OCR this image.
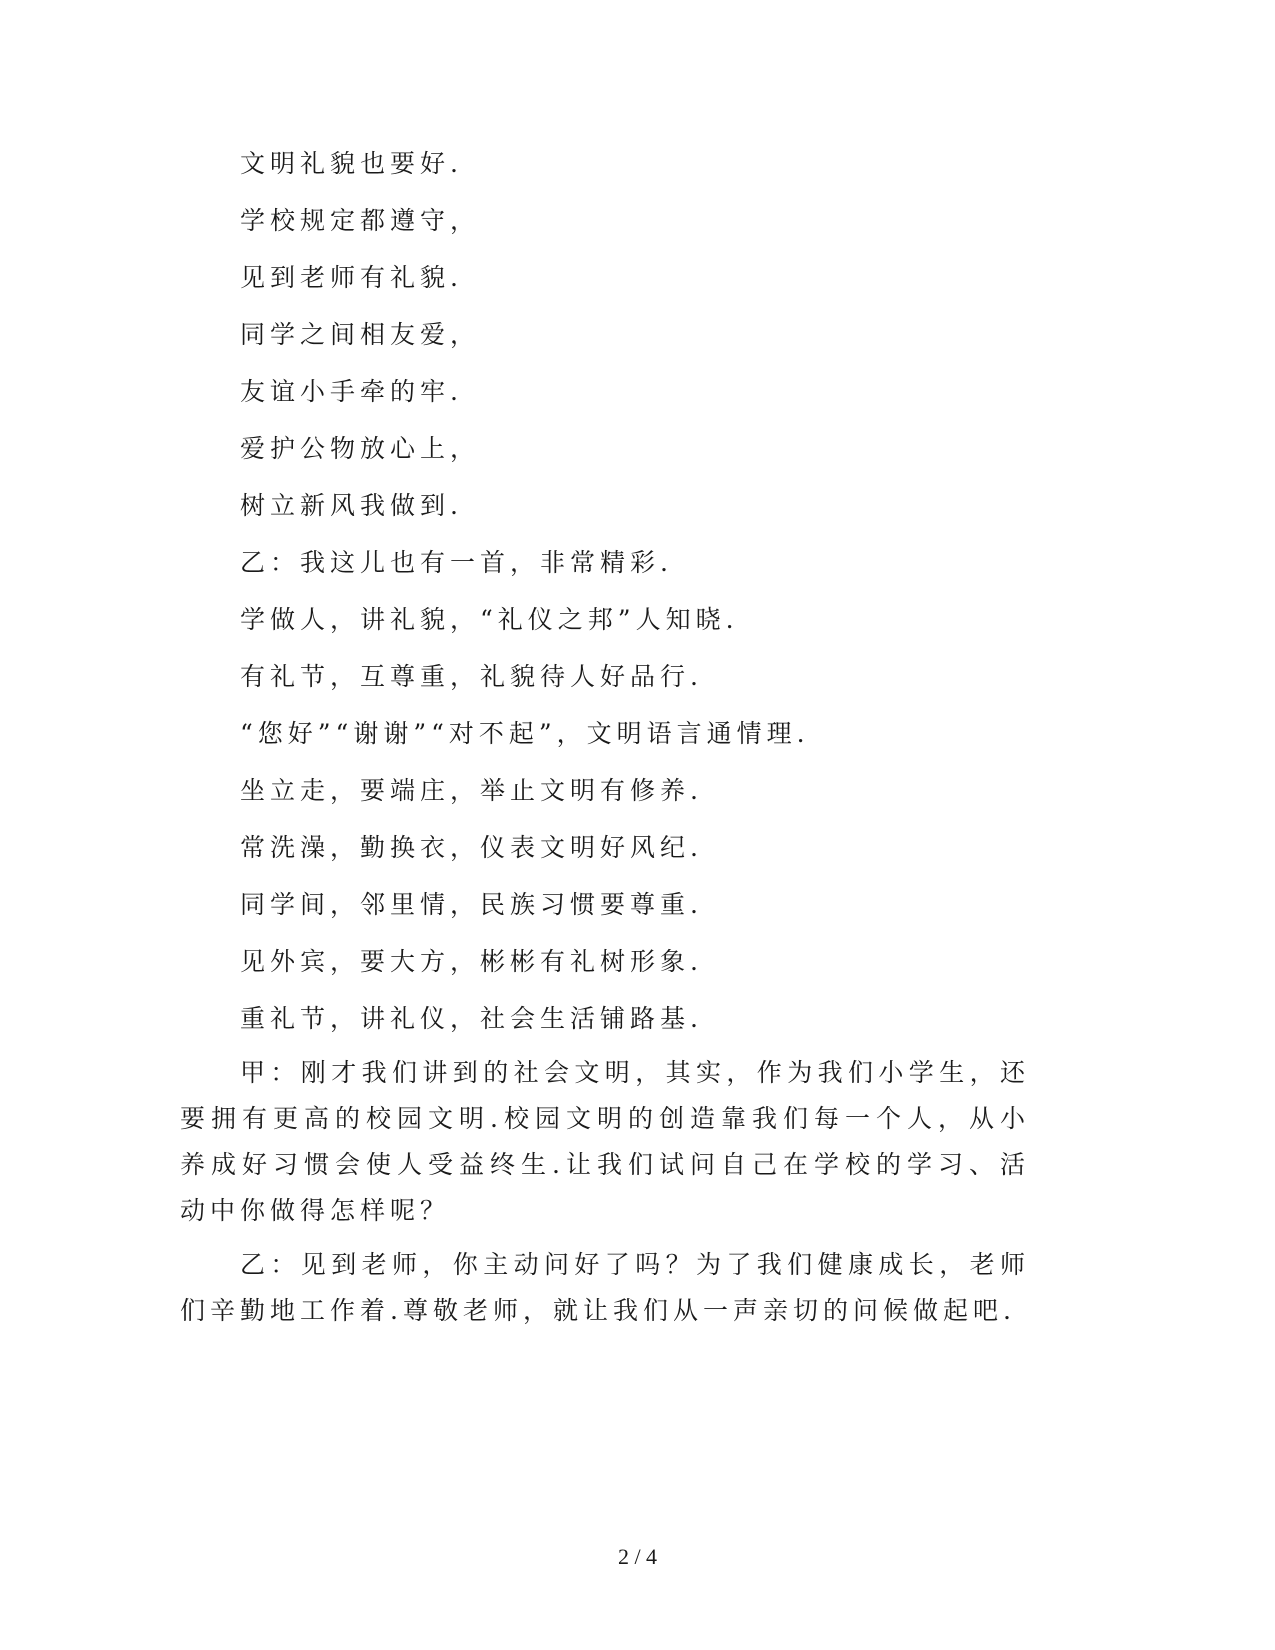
文明礼貌也要好.
学校规定都遵守，
见到老师有礼貌.
同学之间相友爱，
友谊小手牵的牢.
爱护公物放心上，
树立新风我做到.
乙：我这儿也有一首，非常精彩.
学做人，讲礼貌，“礼仪之邦”人知晓.
有礼节，互尊重，礼貌待人好品行.
“您好”“谢谢”“对不起”，文明语言通情理.
坐立走，要端庄，举止文明有修养.
常洗澡，勤换衣，仪表文明好风纪.
同学间，邻里情，民族习惯要尊重.
见外宾，要大方，彬彬有礼树形象.
重礼节，讲礼仪，社会生活铺路基.
甲：刚才我们讲到的社会文明，其实，作为我们小学生，还要拥有更高的校园文明.校园文明的创造靠我们每一个人，从小养成好习惯会使人受益终生.让我们试问自己在学校的学习、活动中你做得怎样呢？
乙：见到老师，你主动问好了吗？为了我们健康成长，老师们辛勤地工作着.尊敬老师，就让我们从一声亲切的问候做起吧.
2 / 4
